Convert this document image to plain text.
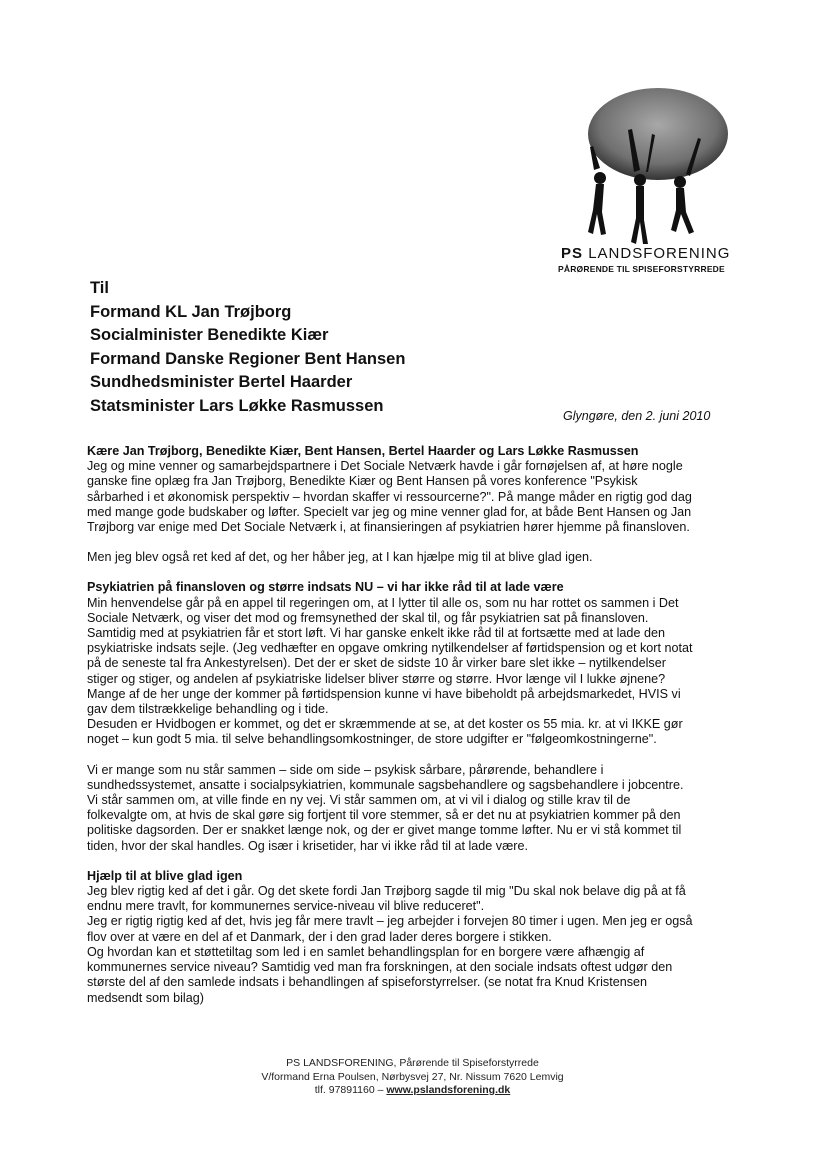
PS LANDSFORENING
PÅRØRENDE TIL SPISEFORSTYRREDE
Til
Formand KL Jan Trøjborg
Socialminister Benedikte Kiær
Formand Danske Regioner Bent Hansen
Sundhedsminister Bertel Haarder
Statsminister Lars Løkke Rasmussen
Glyngøre, den 2. juni 2010

Kære Jan Trøjborg, Benedikte Kiær, Bent Hansen, Bertel Haarder og Lars Løkke Rasmussen

Jeg og mine venner og samarbejdspartnere i Det Sociale Netværk havde i går fornøjelsen af, at høre nogle

ganske fine oplæg fra Jan Trøjborg, Benedikte Kiær og Bent Hansen på vores konference "Psykisk

sårbarhed i et økonomisk perspektiv – hvordan skaffer vi ressourcerne?". På mange måder en rigtig god dag

med mange gode budskaber og løfter. Specielt var jeg og mine venner glad for, at både Bent Hansen og Jan

Trøjborg var enige med Det Sociale Netværk i, at finansieringen af psykiatrien hører hjemme på finansloven.

Men jeg blev også ret ked af det, og her håber jeg, at I kan hjælpe mig til at blive glad igen.

Psykiatrien på finansloven og større indsats NU – vi har ikke råd til at lade være

Min henvendelse går på en appel til regeringen om, at I lytter til alle os, som nu har rottet os sammen i Det

Sociale Netværk, og viser det mod og fremsynethed der skal til, og får psykiatrien sat på finansloven.

Samtidig med at psykiatrien får et stort løft. Vi har ganske enkelt ikke råd til at fortsætte med at lade den

psykiatriske indsats sejle. (Jeg vedhæfter en opgave omkring nytilkendelser af førtidspension og et kort notat

på de seneste tal fra Ankestyrelsen). Det der er sket de sidste 10 år virker bare slet ikke – nytilkendelser

stiger og stiger, og andelen af psykiatriske lidelser bliver større og større. Hvor længe vil I lukke øjnene?

Mange af de her unge der kommer på førtidspension kunne vi have bibeholdt på arbejdsmarkedet, HVIS vi

gav dem tilstrækkelige behandling og i tide.

Desuden er Hvidbogen er kommet, og det er skræmmende at se, at det koster os 55 mia. kr. at vi IKKE gør

noget – kun godt 5 mia. til selve behandlingsomkostninger, de store udgifter er "følgeomkostningerne".

Vi er mange som nu står sammen – side om side – psykisk sårbare, pårørende, behandlere i

sundhedssystemet, ansatte i socialpsykiatrien, kommunale sagsbehandlere og sagsbehandlere i jobcentre.

Vi står sammen om, at ville finde en ny vej. Vi står sammen om, at vi vil i dialog og stille krav til de

folkevalgte om, at hvis de skal gøre sig fortjent til vore stemmer, så er det nu at psykiatrien kommer på den

politiske dagsorden. Der er snakket længe nok, og der er givet mange tomme løfter. Nu er vi stå kommet til

tiden, hvor der skal handles. Og især i krisetider, har vi ikke råd til at lade være.

Hjælp til at blive glad igen

Jeg blev rigtig ked af det i går. Og det skete fordi Jan Trøjborg sagde til mig "Du skal nok belave dig på at få

endnu mere travlt, for kommunernes service-niveau vil blive reduceret".

Jeg er rigtig rigtig ked af det, hvis jeg får mere travlt – jeg arbejder i forvejen 80 timer i ugen. Men jeg er også

flov over at være en del af et Danmark, der i den grad lader deres borgere i stikken.

Og hvordan kan et støttetiltag som led i en samlet behandlingsplan for en borgere være afhængig af

kommunernes service niveau? Samtidig ved man fra forskningen, at den sociale indsats oftest udgør den

største del af den samlede indsats i behandlingen af spiseforstyrrelser. (se notat fra Knud Kristensen

medsendt som bilag)

PS LANDSFORENING, Pårørende til Spiseforstyrrede
V/formand Erna Poulsen, Nørbysvej 27, Nr. Nissum 7620 Lemvig
tlf. 97891160 – www.pslandsforening.dk
